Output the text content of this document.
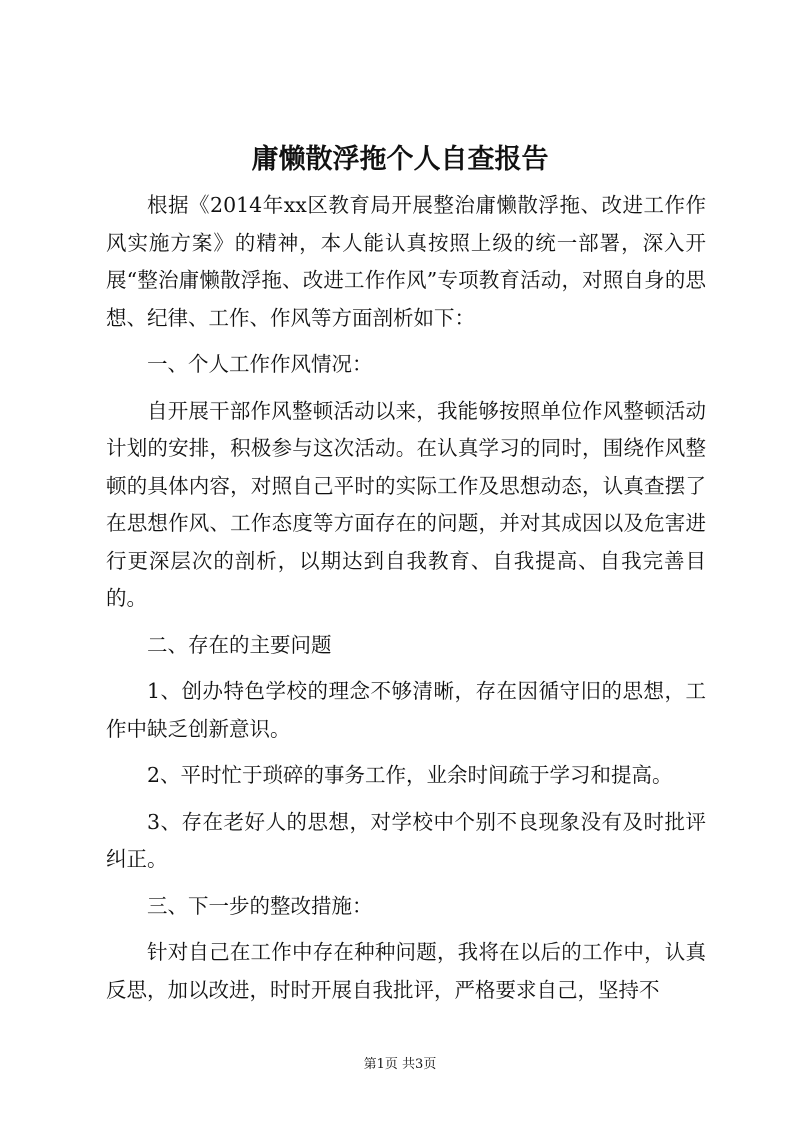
庸懒散浮拖个人自查报告

根据《2014年xx区教育局开展整治庸懒散浮拖、改进工作作风实施方案》的精神，本人能认真按照上级的统一部署，深入开展“整治庸懒散浮拖、改进工作作风”专项教育活动，对照自身的思想、纪律、工作、作风等方面剖析如下：

一、个人工作作风情况：

自开展干部作风整顿活动以来，我能够按照单位作风整顿活动计划的安排，积极参与这次活动。在认真学习的同时，围绕作风整顿的具体内容，对照自己平时的实际工作及思想动态，认真查摆了在思想作风、工作态度等方面存在的问题，并对其成因以及危害进行更深层次的剖析，以期达到自我教育、自我提高、自我完善目的。

二、存在的主要问题

1、创办特色学校的理念不够清晰，存在因循守旧的思想，工作中缺乏创新意识。

2、平时忙于琐碎的事务工作，业余时间疏于学习和提高。

3、存在老好人的思想，对学校中个别不良现象没有及时批评纠正。

三、下一步的整改措施：

针对自己在工作中存在种种问题，我将在以后的工作中，认真反思，加以改进，时时开展自我批评，严格要求自己，坚持不

第1页 共3页
